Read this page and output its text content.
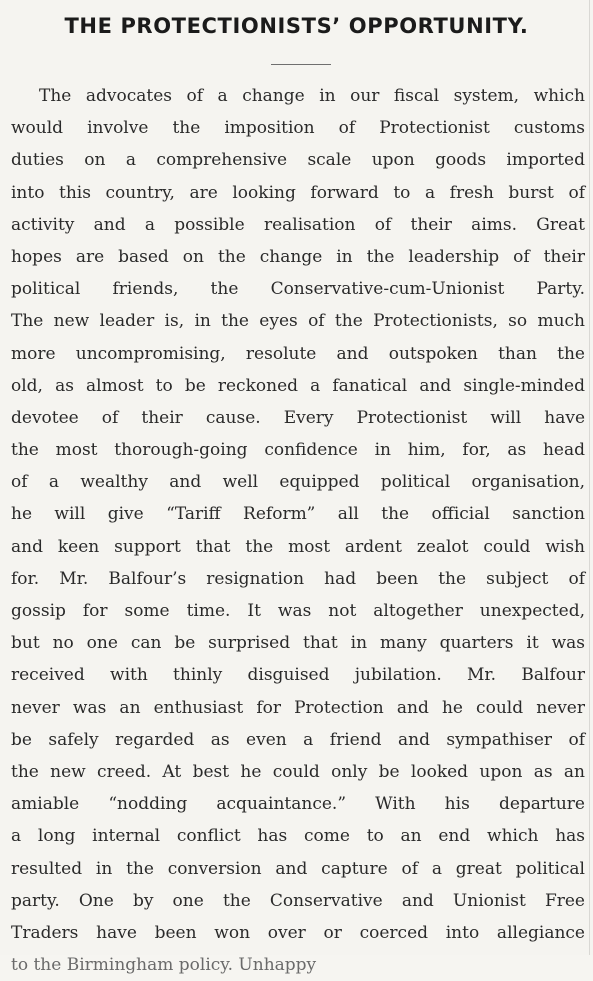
THE PROTECTIONISTS’ OPPORTUNITY.
The advocates of a change in our fiscal system, which
would involve the imposition of Protectionist customs
duties on a comprehensive scale upon goods imported
into this country, are looking forward to a fresh burst of
activity and a possible realisation of their aims. Great
hopes are based on the change in the leadership of their
political friends, the Conservative-cum-Unionist Party.
The new leader is, in the eyes of the Protectionists, so much
more uncompromising, resolute and outspoken than the
old, as almost to be reckoned a fanatical and single-minded
devotee of their cause. Every Protectionist will have
the most thorough-going confidence in him, for, as head
of a wealthy and well equipped political organisation,
he will give “Tariff Reform” all the official sanction
and keen support that the most ardent zealot could wish
for. Mr. Balfour’s resignation had been the subject of
gossip for some time. It was not altogether unexpected,
but no one can be surprised that in many quarters it was
received with thinly disguised jubilation. Mr. Balfour
never was an enthusiast for Protection and he could never
be safely regarded as even a friend and sympathiser of
the new creed. At best he could only be looked upon as an
amiable “nodding acquaintance.” With his departure
a long internal conflict has come to an end which has
resulted in the conversion and capture of a great political
party. One by one the Conservative and Unionist Free
Traders have been won over or coerced into allegiance
to the Birmingham policy. Unhappy
